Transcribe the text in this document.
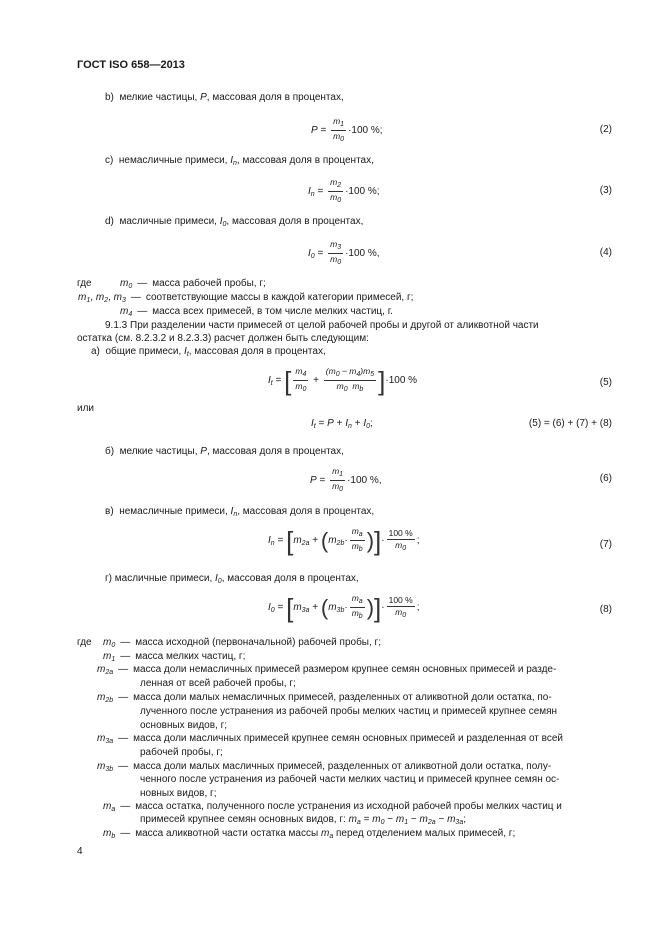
ГОСТ ISO 658—2013
b)  мелкие частицы, P, массовая доля в процентах,
$P = \frac{m_1}{m_0} \cdot 100$ %;	(2)
c)  немасличные примеси, $I_n$, массовая доля в процентах,
$I_n = \frac{m_2}{m_0} \cdot 100$ %;	(3)
d)  масличные примеси, $I_0$, массовая доля в процентах,
$I_0 = \frac{m_3}{m_0} \cdot 100$ %,	(4)
где	$m_0$ — масса рабочей пробы, г;
$m_1$, $m_2$, $m_3$ — соответствующие массы в каждой категории примесей, г;
$m_4$ — масса всех примесей, в том числе мелких частиц, г.
9.1.3 При разделении части примесей от целой рабочей пробы и другой от аликвотной части
остатка (см. 8.2.3.2 и 8.2.3.3) расчет должен быть следующим:
а)  общие примеси, $I_t$, массовая доля в процентах,
$I_t$ = [ $\frac{m_4}{m_0} + \frac{(m_0 - m_4)m_5}{m_0 m_b} ]\cdot 100$ %	(5)
или
$I_t = P + I_n + I_0$;	(5) = (6) + (7) + (8)
б)  мелкие частицы, P, массовая доля в процентах,
$P = \frac{m_1}{m_0} \cdot 100$ %,	(6)
в)  немасличные примеси, $I_n$, массовая доля в процентах,
$I_n = [m_{2a} + (m_{2b}\cdot \frac{m_a}{m_b}$ )]· $\frac{100 \%}{m_0}$ ;	(7)
г) масличные примеси, $I_0$, массовая доля в процентах,
$I_0 = [m_{3a} + (m_{3b}\cdot \frac{m_a}{m_b}$ )]· $\frac{100 \%}{m_0}$ ;	(8)
где $m_0$ — масса исходной (первоначальной) рабочей пробы, г;
$m_1$ — масса мелких частиц, г;
$m_{2a}$ — масса доли немасличных примесей размером крупнее семян основных примесей и разде-
ленная от всей рабочей пробы, г;
$m_{2b}$ — масса доли малых немасличных примесей, разделенных от аликвотной доли остатка, по-
лученного после устранения из рабочей пробы мелких частиц и примесей крупнее семян
основных видов, г;
$m_{3a}$ — масса доли масличных примесей крупнее семян основных примесей и разделенная от всей
рабочей пробы, г;
$m_{3b}$ — масса доли малых масличных примесей, разделенных от аликвотной доли остатка, полу-
ченного после устранения из рабочей части мелких частиц и примесей крупнее семян ос-
новных видов, г;
$m_a$ — масса остатка, полученного после устранения из исходной рабочей пробы мелких частиц и
примесей крупнее семян основных видов, г: $m_a = m_0 - m_1 - m_{2a} - m_{3a}$;
$m_b$ — масса аликвотной части остатка массы $m_a$ перед отделением малых примесей, г;
4
